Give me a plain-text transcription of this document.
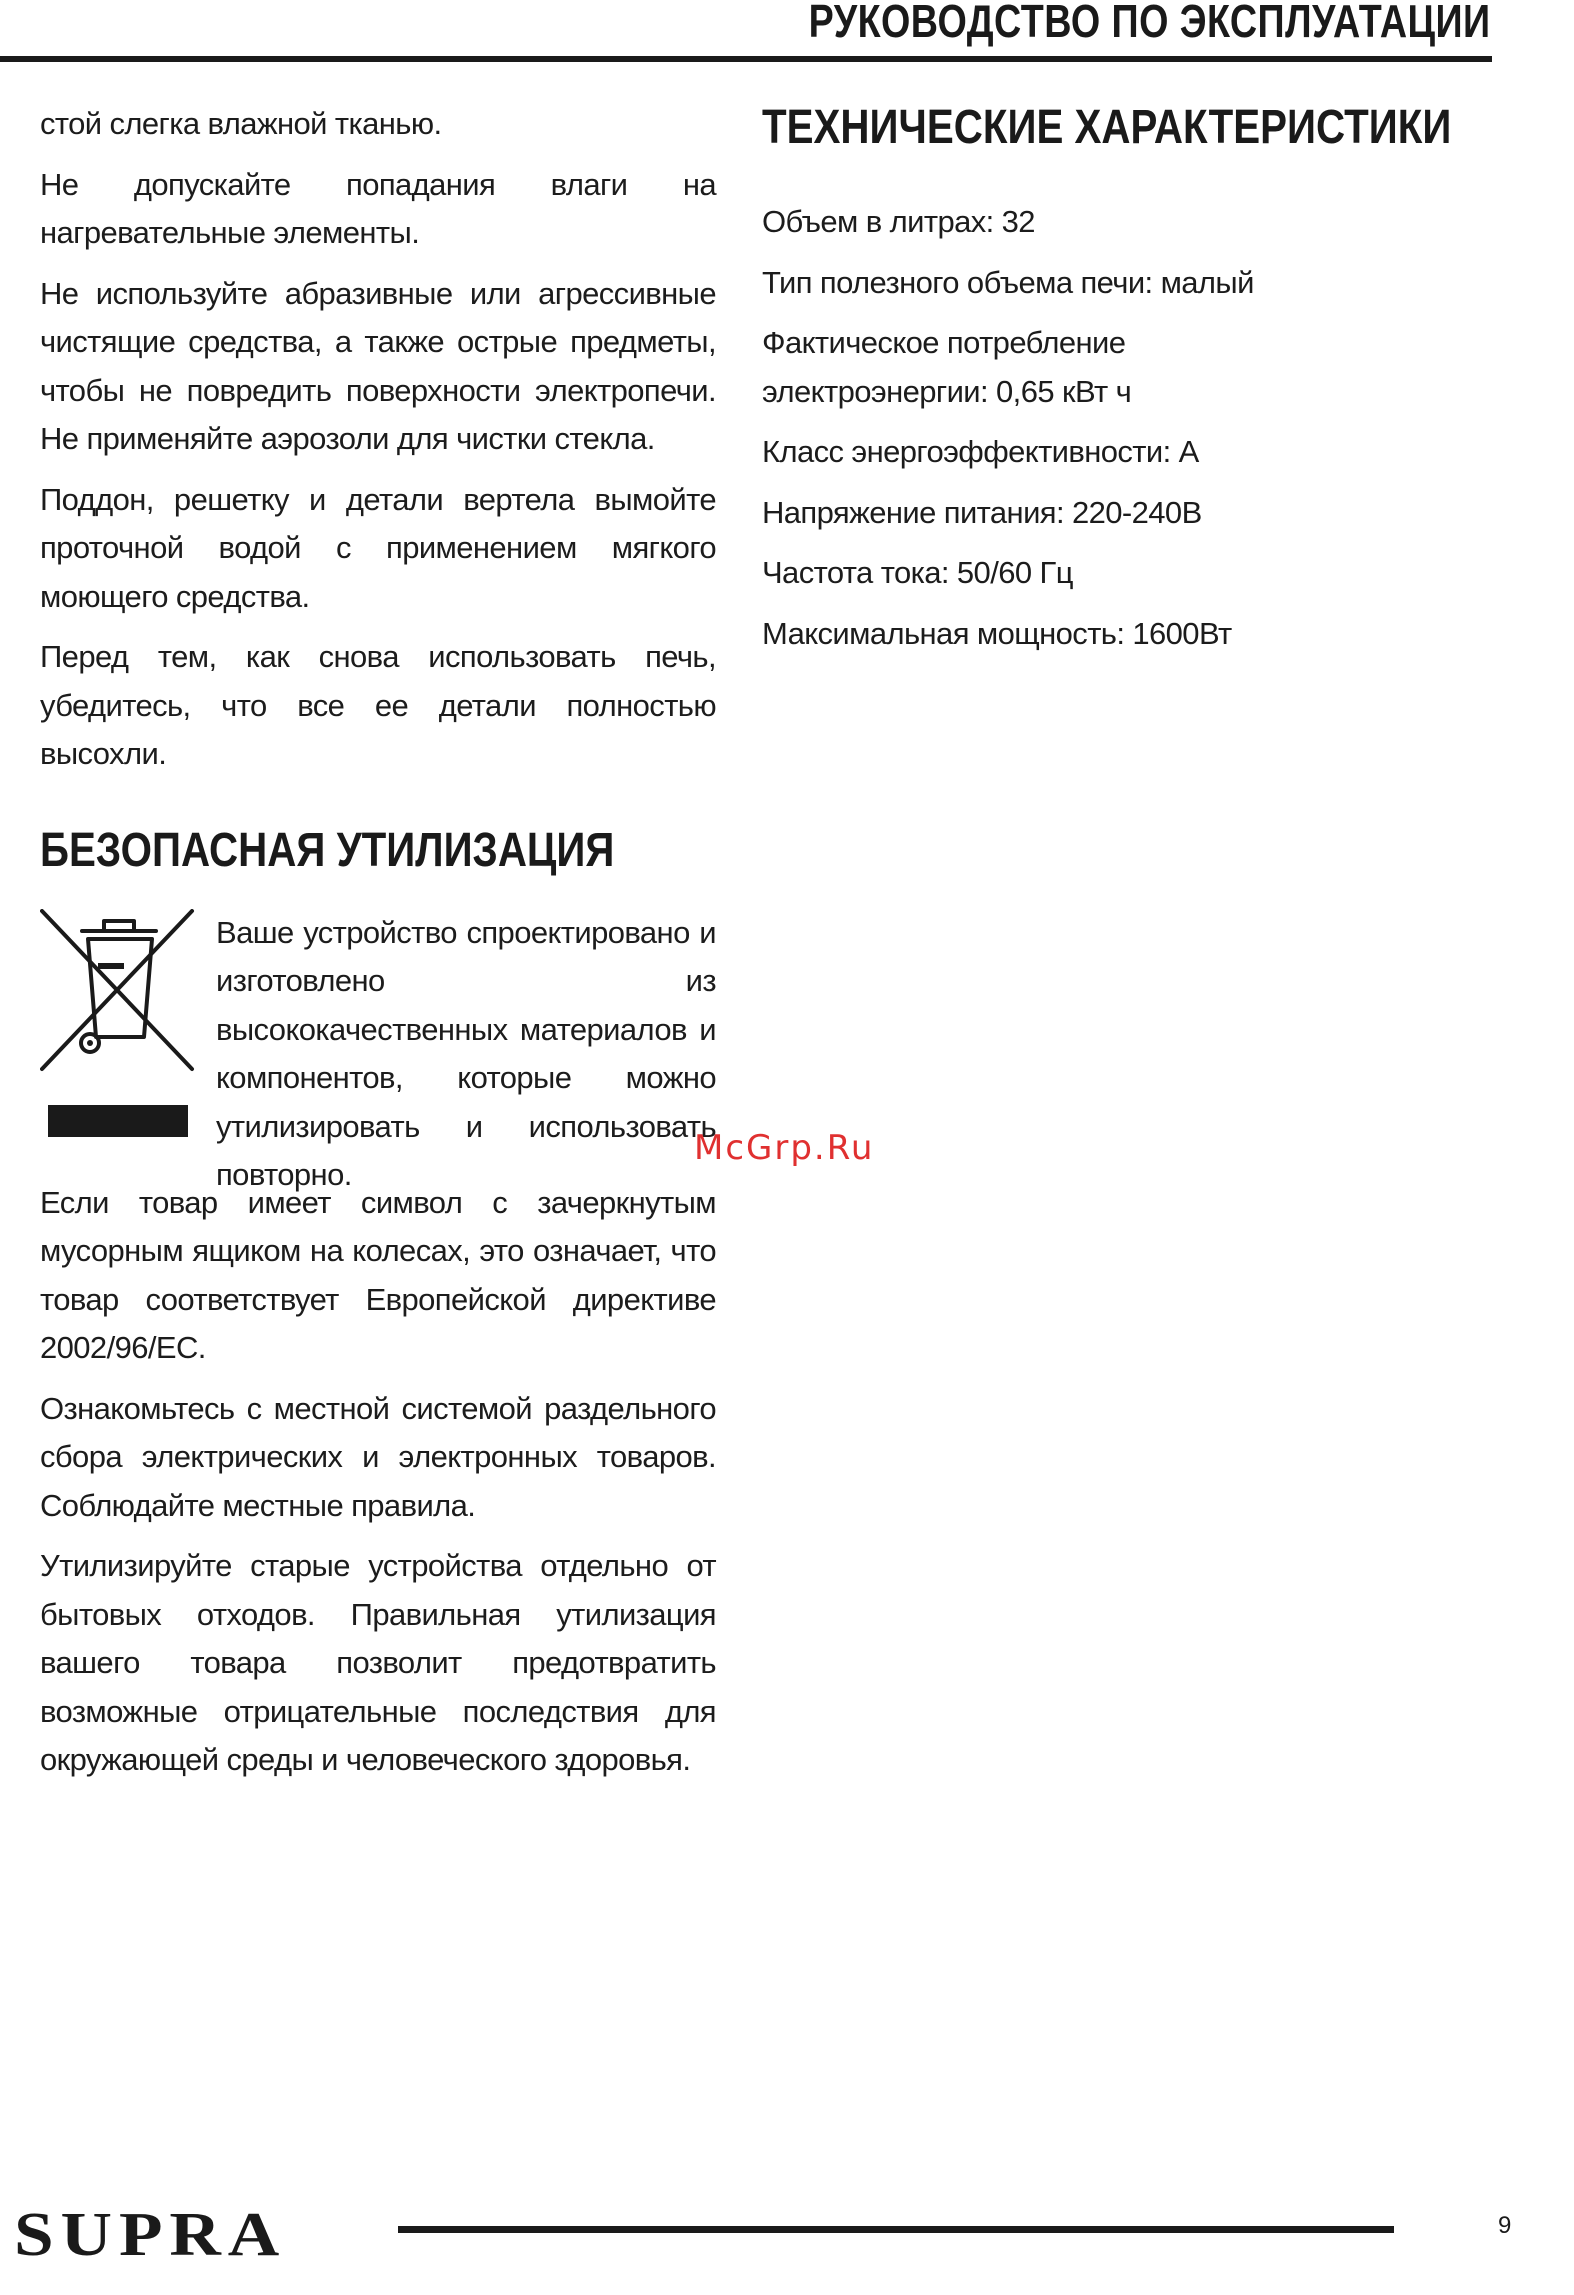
РУКОВОДСТВО ПО ЭКСПЛУАТАЦИИ

стой слегка влажной тканью.

Не допускайте попадания влаги на нагревательные элементы.

Не используйте абразивные или агрессивные чистящие средства, а также острые предметы, чтобы не повредить поверхности электропечи. Не применяйте аэрозоли для чистки стекла.

Поддон, решетку и детали вертела вымойте проточной водой с применением мягкого моющего средства.

Перед тем, как снова использовать печь, убедитесь, что все ее детали полностью высохли.

БЕЗОПАСНАЯ УТИЛИЗАЦИЯ

Ваше устройство спроектировано и изготовлено из высококачественных материалов и компонентов, которые можно утилизировать и использовать повторно.

Если товар имеет символ с зачеркнутым мусорным ящиком на колесах, это означает, что товар соответствует Европейской директиве 2002/96/ЕС.

Ознакомьтесь с местной системой раздельного сбора электрических и электронных товаров. Соблюдайте местные правила.

Утилизируйте старые устройства отдельно от бытовых отходов. Правильная утилизация вашего товара позволит предотвратить возможные отрицательные последствия для окружающей среды и человеческого здоровья.

ТЕХНИЧЕСКИЕ ХАРАКТЕРИСТИКИ

Объем в литрах: 32

Тип полезного объема печи: малый

Фактическое потребление электроэнергии: 0,65 кВт ч

Класс энергоэффективности: А

Напряжение питания: 220-240В

Частота тока: 50/60 Гц

Максимальная мощность: 1600Вт

McGrp.Ru
SUPRA	9
